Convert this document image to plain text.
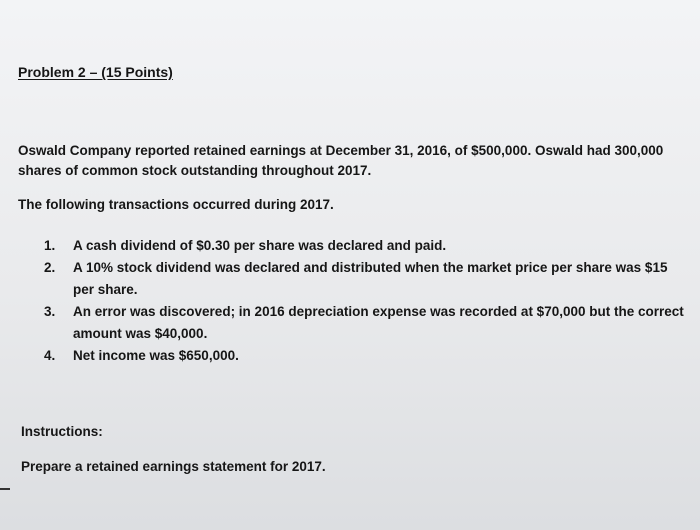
Problem 2 – (15 Points)
Oswald Company reported retained earnings at December 31, 2016, of $500,000. Oswald had 300,000
shares of common stock outstanding throughout 2017.
The following transactions occurred during 2017.
1. A cash dividend of $0.30 per share was declared and paid.
2. A 10% stock dividend was declared and distributed when the market price per share was $15
per share.
3. An error was discovered; in 2016 depreciation expense was recorded at $70,000 but the correct
amount was $40,000.
4. Net income was $650,000.
Instructions:
Prepare a retained earnings statement for 2017.
